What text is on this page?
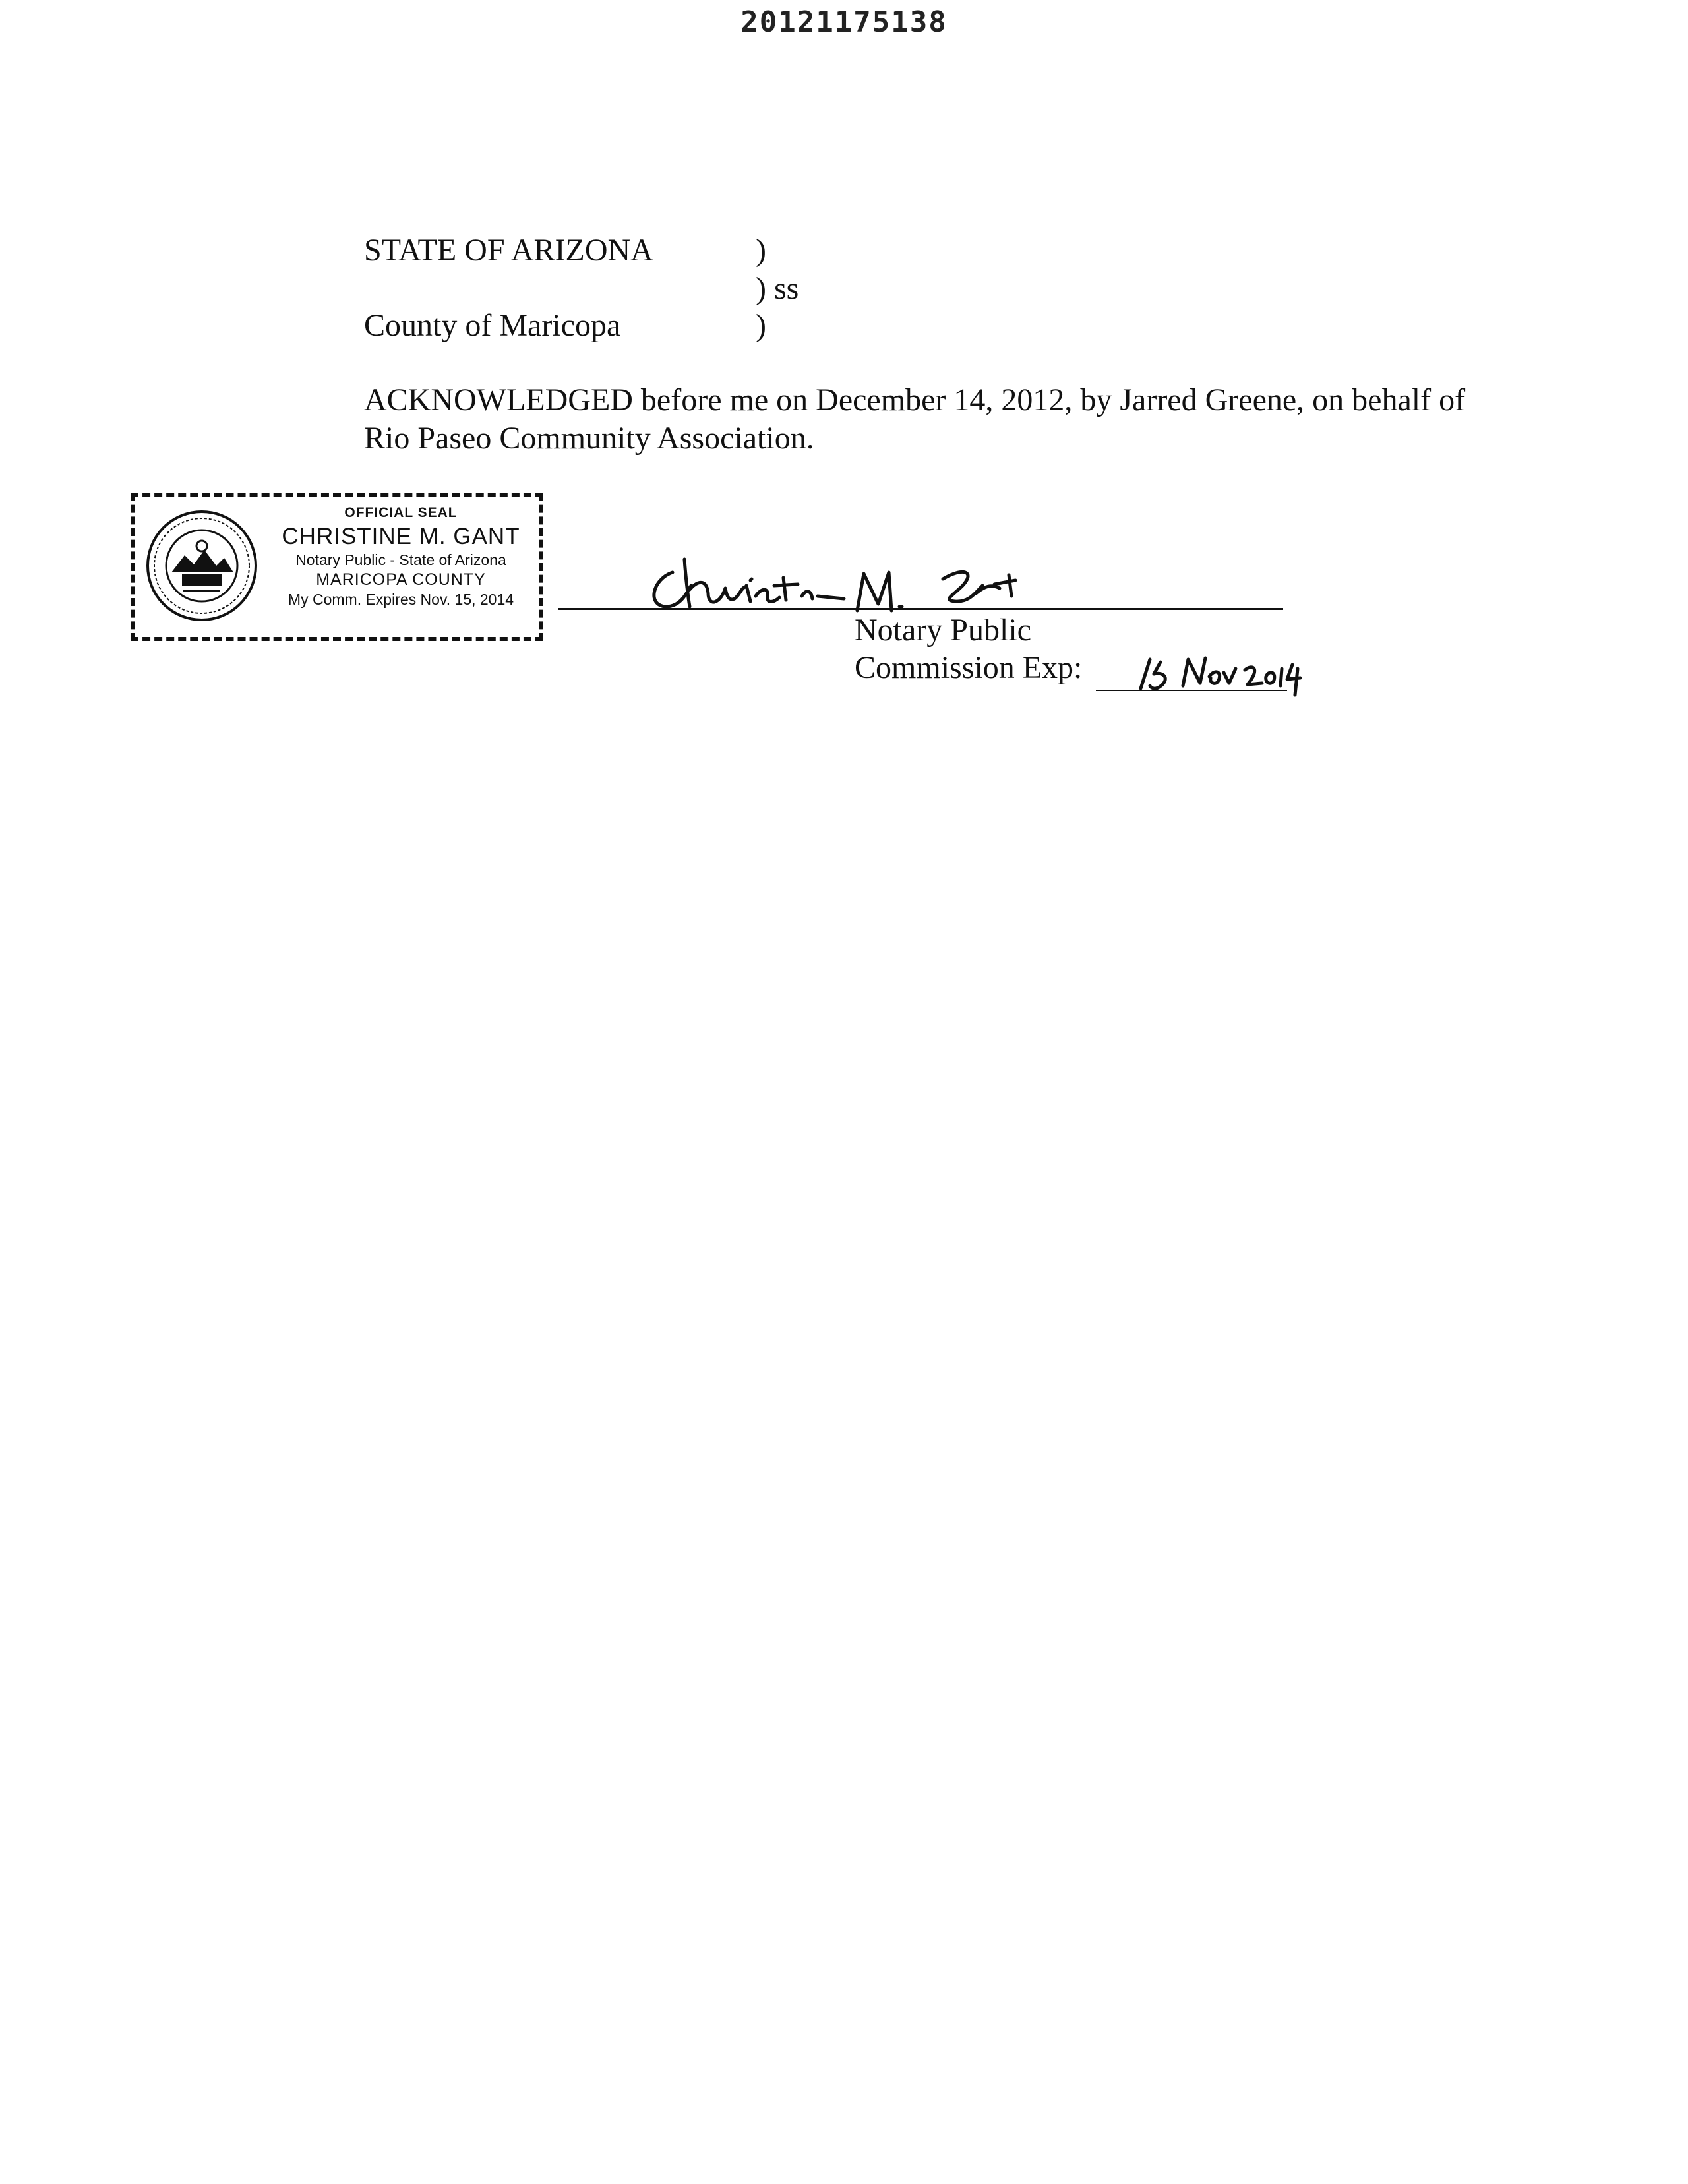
20121175138
STATE OF ARIZONA	)
) ss
County of Maricopa	)
ACKNOWLEDGED before me on December 14, 2012, by Jarred Greene, on behalf of
Rio Paseo Community Association.
OFFICIAL SEAL
CHRISTINE M. GANT
Notary Public - State of Arizona
MARICOPA COUNTY
My Comm. Expires Nov. 15, 2014
Notary Public
Commission Exp:
